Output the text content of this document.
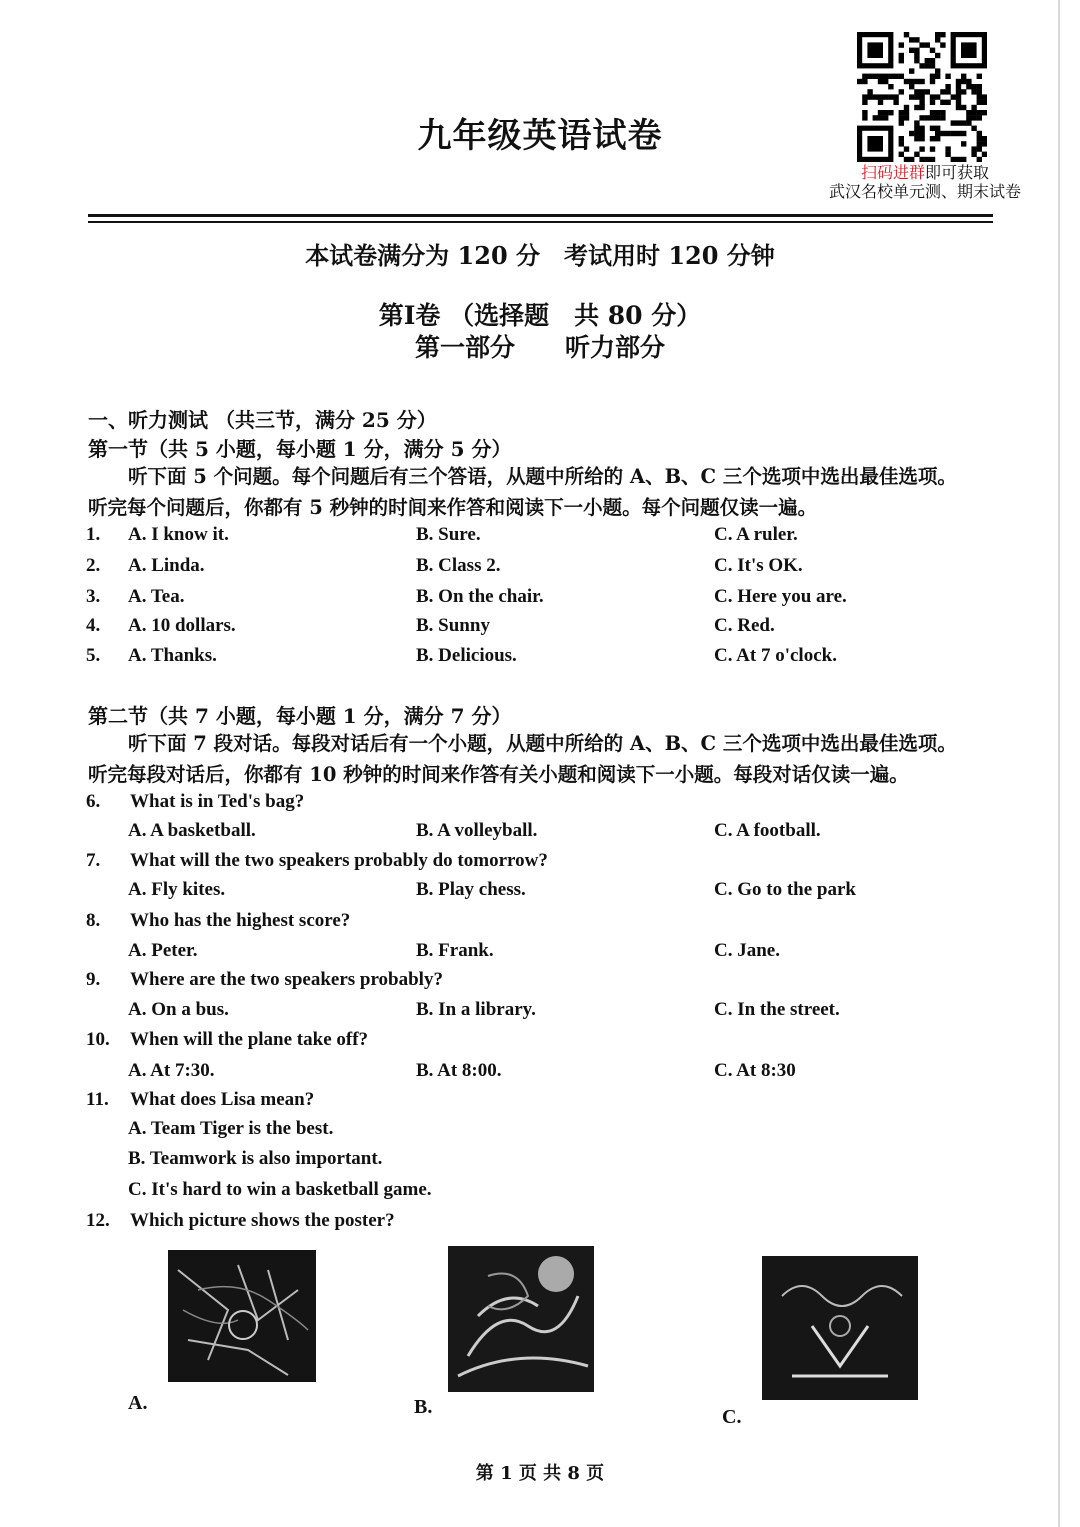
九年级英语试卷
扫码进群即可获取
武汉名校单元测、期末试卷
本试卷满分为 120 分　考试用时 120 分钟
第Ⅰ卷 （选择题　共 80 分）
第一部分　　听力部分
一、听力测试 （共三节，满分 25 分）
第一节（共 5 小题，每小题 1 分，满分 5 分）
听下面 5 个问题。每个问题后有三个答语，从题中所给的 A、B、C 三个选项中选出最佳选项。
听完每个问题后，你都有 5 秒钟的时间来作答和阅读下一小题。每个问题仅读一遍。
1. A. I know it.	B. Sure.	C. A ruler.
2. A. Linda.	B. Class 2.	C. It's OK.
3. A. Tea.	B. On the chair.	C. Here you are.
4. A. 10 dollars.	B. Sunny	C. Red.
5. A. Thanks.	B. Delicious.	C. At 7 o'clock.
第二节（共 7 小题，每小题 1 分，满分 7 分）
听下面 7 段对话。每段对话后有一个小题，从题中所给的 A、B、C 三个选项中选出最佳选项。
听完每段对话后，你都有 10 秒钟的时间来作答有关小题和阅读下一小题。每段对话仅读一遍。
6. What is in Ted's bag?
A. A basketball.	B. A volleyball.	C. A football.
7. What will the two speakers probably do tomorrow?
A. Fly kites.	B. Play chess.	C. Go to the park
8. Who has the highest score?
A. Peter.	B. Frank.	C. Jane.
9. Where are the two speakers probably?
A. On a bus.	B. In a library.	C. In the street.
10. When will the plane take off?
A. At 7:30.	B. At 8:00.	C. At 8:30
11. What does Lisa mean?
A. Team Tiger is the best.
B. Teamwork is also important.
C. It's hard to win a basketball game.
12. Which picture shows the poster?
A.	B.	C.
第 1 页 共 8 页
